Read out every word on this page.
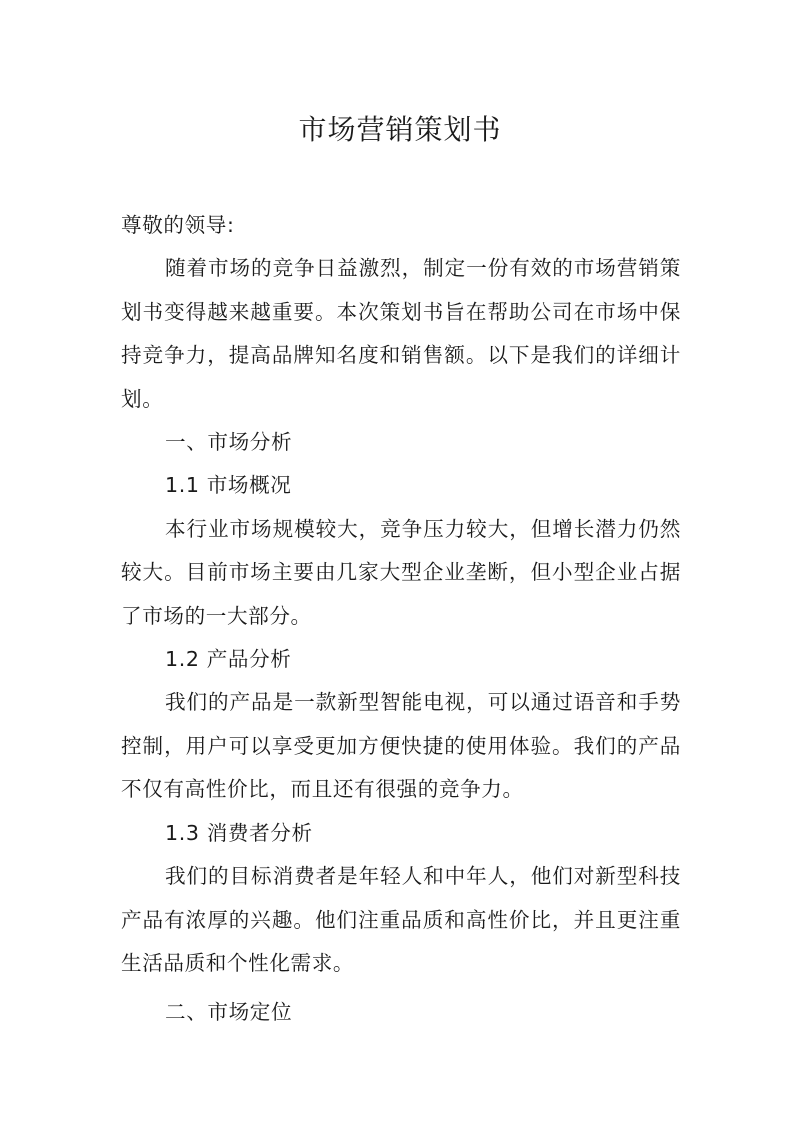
市场营销策划书

尊敬的领导:

随着市场的竞争日益激烈，制定一份有效的市场营销策划书变得越来越重要。本次策划书旨在帮助公司在市场中保持竞争力，提高品牌知名度和销售额。以下是我们的详细计划。

一、市场分析

1.1 市场概况

本行业市场规模较大，竞争压力较大，但增长潜力仍然较大。目前市场主要由几家大型企业垄断，但小型企业占据了市场的一大部分。

1.2 产品分析

我们的产品是一款新型智能电视，可以通过语音和手势控制，用户可以享受更加方便快捷的使用体验。我们的产品不仅有高性价比，而且还有很强的竞争力。

1.3 消费者分析

我们的目标消费者是年轻人和中年人，他们对新型科技产品有浓厚的兴趣。他们注重品质和高性价比，并且更注重生活品质和个性化需求。

二、市场定位
